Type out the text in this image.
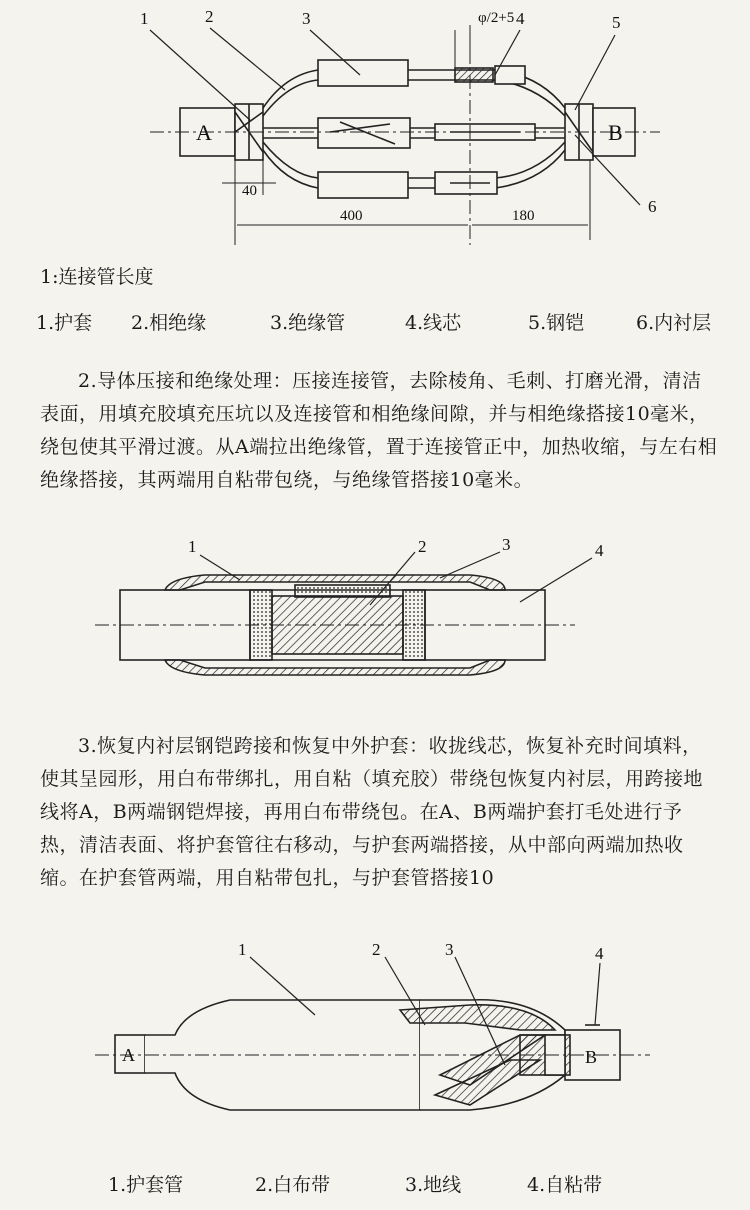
1	2	3	φ/2+5 4	5
6
A	B
40
400	180
1:连接管长度
1.护套 2.相绝缘	3.绝缘管	4.线芯	5.钢铠	6.内衬层
2.导体压接和绝缘处理：压接连接管，去除棱角、毛刺、打磨光滑，清洁表面，用填充胶填充压坑以及连接管和相绝缘间隙，并与相绝缘搭接10毫米，绕包使其平滑过渡。从A端拉出绝缘管，置于连接管正中，加热收缩，与左右相绝缘搭接，其两端用自粘带包绕，与绝缘管搭接10毫米。
1	2	3	4
3.恢复内衬层钢铠跨接和恢复中外护套：收拢线芯，恢复补充时间填料，使其呈园形，用白布带绑扎，用自粘（填充胶）带绕包恢复内衬层，用跨接地线将A，B两端钢铠焊接，再用白布带绕包。在A、B两端护套打毛处进行予热，清洁表面、将护套管往右移动，与护套两端搭接，从中部向两端加热收缩。在护套管两端，用自粘带包扎，与护套管搭接10
1	2	3	4
A	B
1.护套管	2.白布带	3.地线	4.自粘带
